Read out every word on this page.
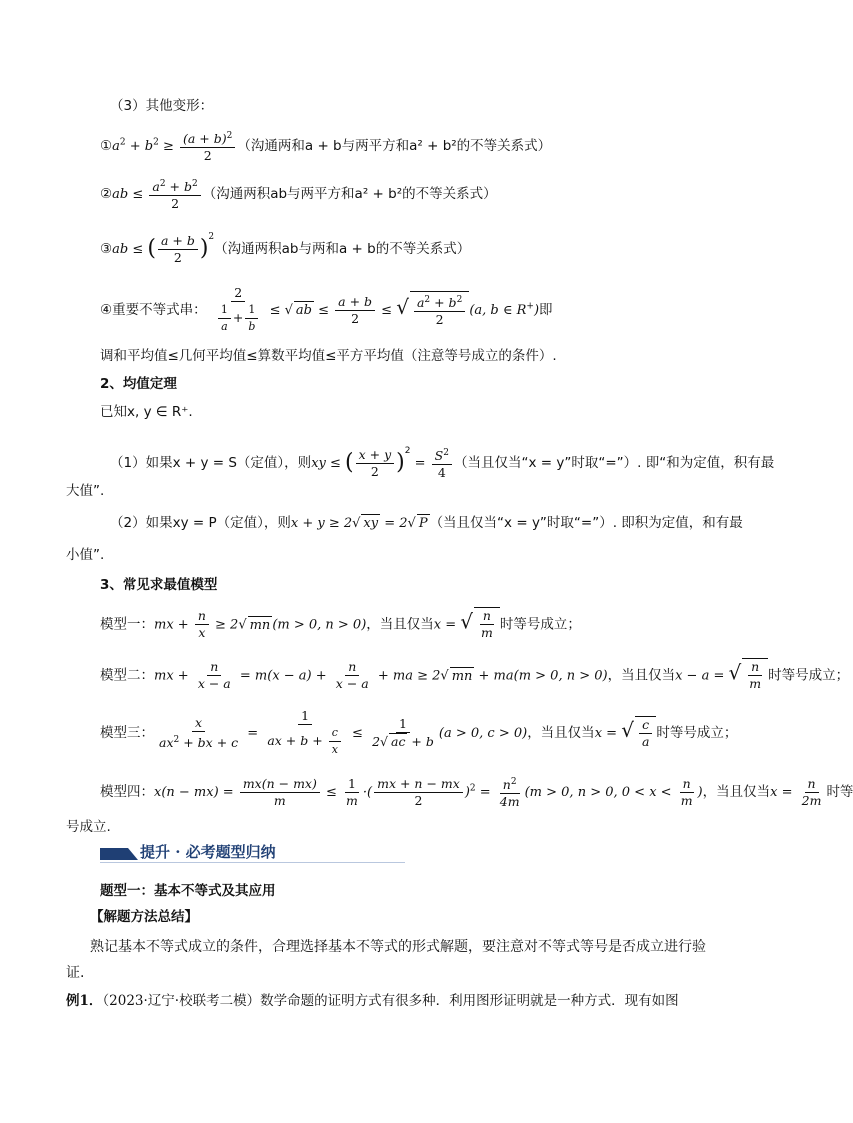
（3）其他变形：
$①a^2 + b^2 \ge \frac{(a + b)^2}{2}$ （沟通两和a + b与两平方和a² + b²的不等关系式）
②ab ≤ $\frac{a^2 + b^2}{2}$ （沟通两积ab与两平方和a² + b²的不等关系式）
③ab ≤ ( $\frac{a + b}{2} )^2$（沟通两积ab与两和a + b的不等关系式）
④重要不等式串： $\frac{2}{\frac{1}{a} + \frac{1}{b}}$ ≤ √ ab ≤ $\frac{a + b}{2}$ ≤ √ $\frac{a^2 + b^2}{2} (a$, b ∈ R+)即
调和平均值≤几何平均值≤算数平均值≤平方平均值（注意等号成立的条件）.
2、均值定理
已知x, y ∈ R⁺.
（1）如果x + y = S（定值），则xy ≤ ( $\frac{x + y}{2} )^2 = \frac{S^2}{4}$ （当且仅当“x = y”时取“=”）. 即“和为定值，积有最
大值”.
（2）如果xy = P（定值），则x + y ≥ 2√ xy = 2√ P （当且仅当“x = y”时取“=”）. 即积为定值，和有最
小值”.
3、常见求最值模型
模型一：mx + $\frac{n}{x} \ge 2√$ mn (m > 0, n > 0)，当且仅当x = √ $\frac{n}{m}$ 时等号成立；
模型二：mx + $\frac{n}{x - a} = m(x - a) + \frac{n}{x - a}$ + ma ≥ 2√ mn + ma(m > 0, n > 0)，当且仅当x − a = √ $\frac{n}{m}$ 时等号成立；
模型三： $\frac{x}{ax^2 + bx + c} = \frac{1}{ax + b + \frac{c}{x}} \le \frac{1}{2√ ac + b} (a > 0$, c > 0)，当且仅当x = √ $\frac{c}{a}$ 时等号成立；
模型四：$x(n - mx) = \frac{mx(n - mx)}{m} \le \frac{1}{m}$ ·( $\frac{mx + n - mx}{2} )^2 = \frac{n^2}{4m} (m > 0$, n > 0, $0 < x < \frac{n}{m}$ )，当且仅当$x = \frac{n}{2m}$ 时等
号成立.
提升 · 必考题型归纳
题型一：基本不等式及其应用
【解题方法总结】
熟记基本不等式成立的条件，合理选择基本不等式的形式解题，要注意对不等式等号是否成立进行验
证.
例1．（2023·辽宁·校联考二模）数学命题的证明方式有很多种．利用图形证明就是一种方式．现有如图
